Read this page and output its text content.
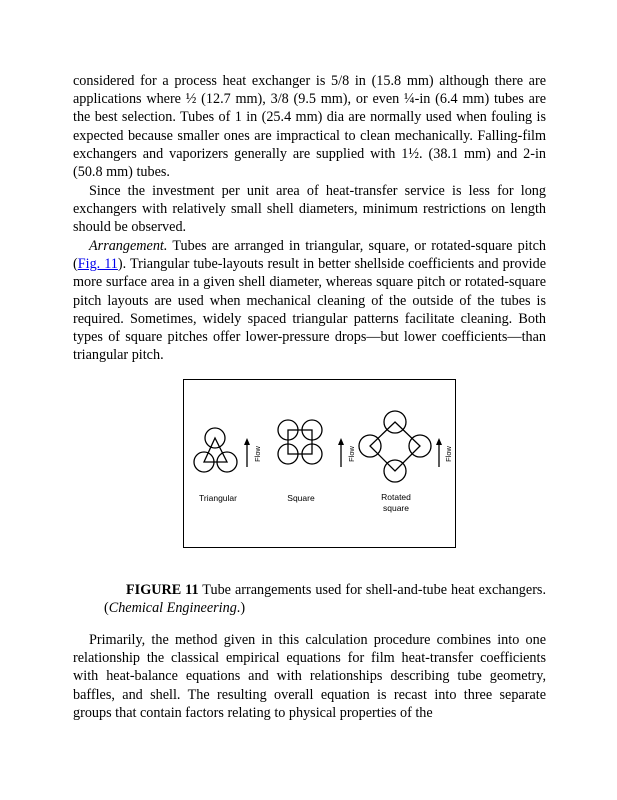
considered for a process heat exchanger is 5/8 in (15.8 mm) although there are applications where ½ (12.7 mm), 3/8 (9.5 mm), or even ¼-in (6.4 mm) tubes are the best selection. Tubes of 1 in (25.4 mm) dia are normally used when fouling is expected because smaller ones are impractical to clean mechanically. Falling-film exchangers and vaporizers generally are supplied with 1½. (38.1 mm) and 2-in (50.8 mm) tubes.

Since the investment per unit area of heat-transfer service is less for long exchangers with relatively small shell diameters, minimum restrictions on length should be observed.

Arrangement. Tubes are arranged in triangular, square, or rotated-square pitch (Fig. 11). Triangular tube-layouts result in better shellside coefficients and provide more surface area in a given shell diameter, whereas square pitch or rotated-square pitch layouts are used when mechanical cleaning of the outside of the tubes is required. Sometimes, widely spaced triangular patterns facilitate cleaning. Both types of square pitches offer lower-pressure drops—but lower coefficients—than triangular pitch.

Flow	Flow	Flow
Triangular	Square	Rotated
square

FIGURE 11 Tube arrangements used for shell-and-tube heat exchangers. (Chemical Engineering.)

Primarily, the method given in this calculation procedure combines into one relationship the classical empirical equations for film heat-transfer coefficients with heat-balance equations and with relationships describing tube geometry, baffles, and shell. The resulting overall equation is recast into three separate groups that contain factors relating to physical properties of the
